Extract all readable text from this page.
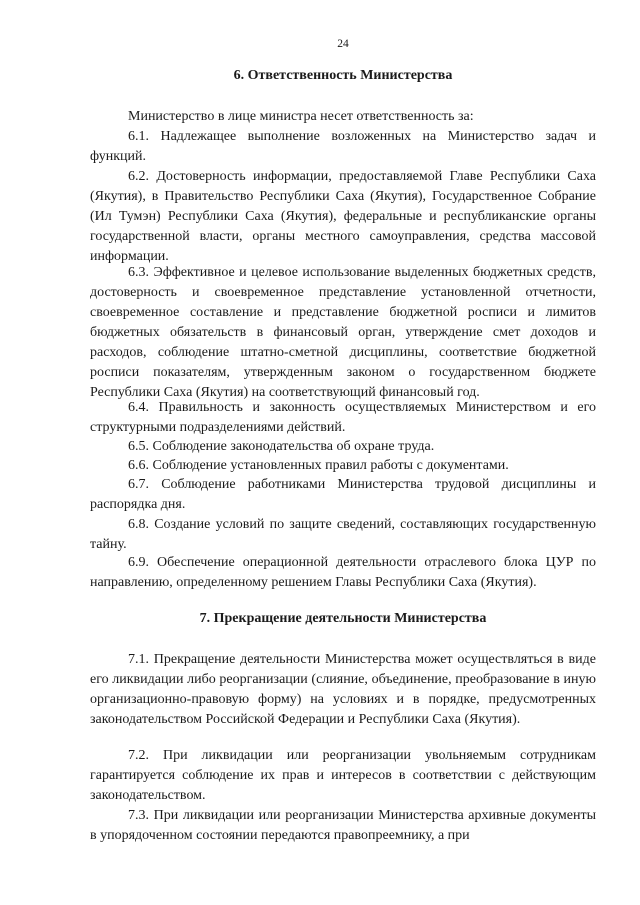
24
6. Ответственность Министерства

Министерство в лице министра несет ответственность за:

6.1. Надлежащее выполнение возложенных на Министерство задач и функций.

6.2. Достоверность информации, предоставляемой Главе Республики Саха (Якутия), в Правительство Республики Саха (Якутия), Государственное Собрание (Ил Тумэн) Республики Саха (Якутия), федеральные и республиканские органы государственной власти, органы местного самоуправления, средства массовой информации.

6.3. Эффективное и целевое использование выделенных бюджетных средств, достоверность и своевременное представление установленной отчетности, своевременное составление и представление бюджетной росписи и лимитов бюджетных обязательств в финансовый орган, утверждение смет доходов и расходов, соблюдение штатно-сметной дисциплины, соответствие бюджетной росписи показателям, утвержденным законом о государственном бюджете Республики Саха (Якутия) на соответствующий финансовый год.

6.4. Правильность и законность осуществляемых Министерством и его структурными подразделениями действий.

6.5. Соблюдение законодательства об охране труда.

6.6. Соблюдение установленных правил работы с документами.

6.7. Соблюдение работниками Министерства трудовой дисциплины и распорядка дня.

6.8. Создание условий по защите сведений, составляющих государственную тайну.

6.9. Обеспечение операционной деятельности отраслевого блока ЦУР по направлению, определенному решением Главы Республики Саха (Якутия).

7. Прекращение деятельности Министерства

7.1. Прекращение деятельности Министерства может осуществляться в виде его ликвидации либо реорганизации (слияние, объединение, преобразование в иную организационно-правовую форму) на условиях и в порядке, предусмотренных законодательством Российской Федерации и Республики Саха (Якутия).

7.2. При ликвидации или реорганизации увольняемым сотрудникам гарантируется соблюдение их прав и интересов в соответствии с действующим законодательством.

7.3. При ликвидации или реорганизации Министерства архивные документы в упорядоченном состоянии передаются правопреемнику, а при
